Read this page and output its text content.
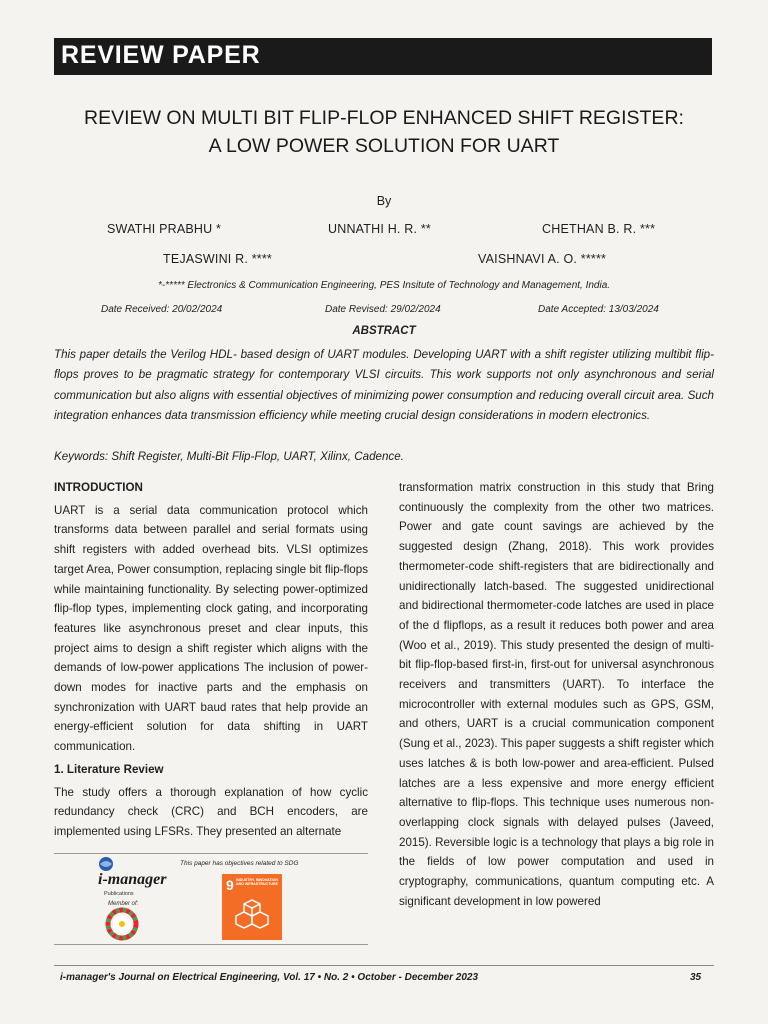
REVIEW PAPER
REVIEW ON MULTI BIT FLIP-FLOP ENHANCED SHIFT REGISTER:
A LOW POWER SOLUTION FOR UART
By
SWATHI PRABHU *	UNNATHI H. R. **	CHETHAN B. R. ***
TEJASWINI R. ****	VAISHNAVI A. O. *****
*-***** Electronics & Communication Engineering, PES Insitute of Technology and Management, India.
Date Received: 20/02/2024	Date Revised: 29/02/2024	Date Accepted: 13/03/2024
ABSTRACT
This paper details the Verilog HDL- based design of UART modules. Developing UART with a shift register utilizing multibit flip-flops proves to be pragmatic strategy for contemporary VLSI circuits. This work supports not only asynchronous and serial communication but also aligns with essential objectives of minimizing power consumption and reducing overall circuit area. Such integration enhances data transmission efficiency while meeting crucial design considerations in modern electronics.
Keywords: Shift Register, Multi-Bit Flip-Flop, UART, Xilinx, Cadence.

INTRODUCTION

UART is a serial data communication protocol which transforms data between parallel and serial formats using shift registers with added overhead bits. VLSI optimizes target Area, Power consumption, replacing single bit flip-flops while maintaining functionality. By selecting power-optimized flip-flop types, implementing clock gating, and incorporating features like asynchronous preset and clear inputs, this project aims to design a shift register which aligns with the demands of low-power applications The inclusion of power-down modes for inactive parts and the emphasis on synchronization with UART baud rates that help provide an energy-efficient solution for data shifting in UART communication.

1. Literature Review

The study offers a thorough explanation of how cyclic redundancy check (CRC) and BCH encoders, are implemented using LFSRs. They presented an alternate

transformation matrix construction in this study that Bring continuously the complexity from the other two matrices. Power and gate count savings are achieved by the suggested design (Zhang, 2018). This work provides thermometer-code shift-registers that are bidirectionally and unidirectionally latch-based. The suggested unidirectional and bidirectional thermometer-code latches are used in place of the d flipflops, as a result it reduces both power and area (Woo et al., 2019). This study presented the design of multi-bit flip-flop-based first-in, first-out for universal asynchronous receivers and transmitters (UART). To interface the microcontroller with external modules such as GPS, GSM, and others, UART is a crucial communication component (Sung et al., 2023). This paper suggests a shift register which uses latches & is both low-power and area-efficient. Pulsed latches are a less expensive and more energy efficient alternative to flip-flops. This technique uses numerous non-overlapping clock signals with delayed pulses (Javeed, 2015). Reversible logic is a technology that plays a big role in the fields of low power computation and used in cryptography, communications, quantum computing etc. A significant development in low powered

i-manager
Publications
Member of:
This paper has objectives related to SDG
9 INDUSTRY, INNOVATION AND INFRASTRUCTURE
i-manager's Journal on Electrical Engineering, Vol. 17 • No. 2 • October - December 2023	35
